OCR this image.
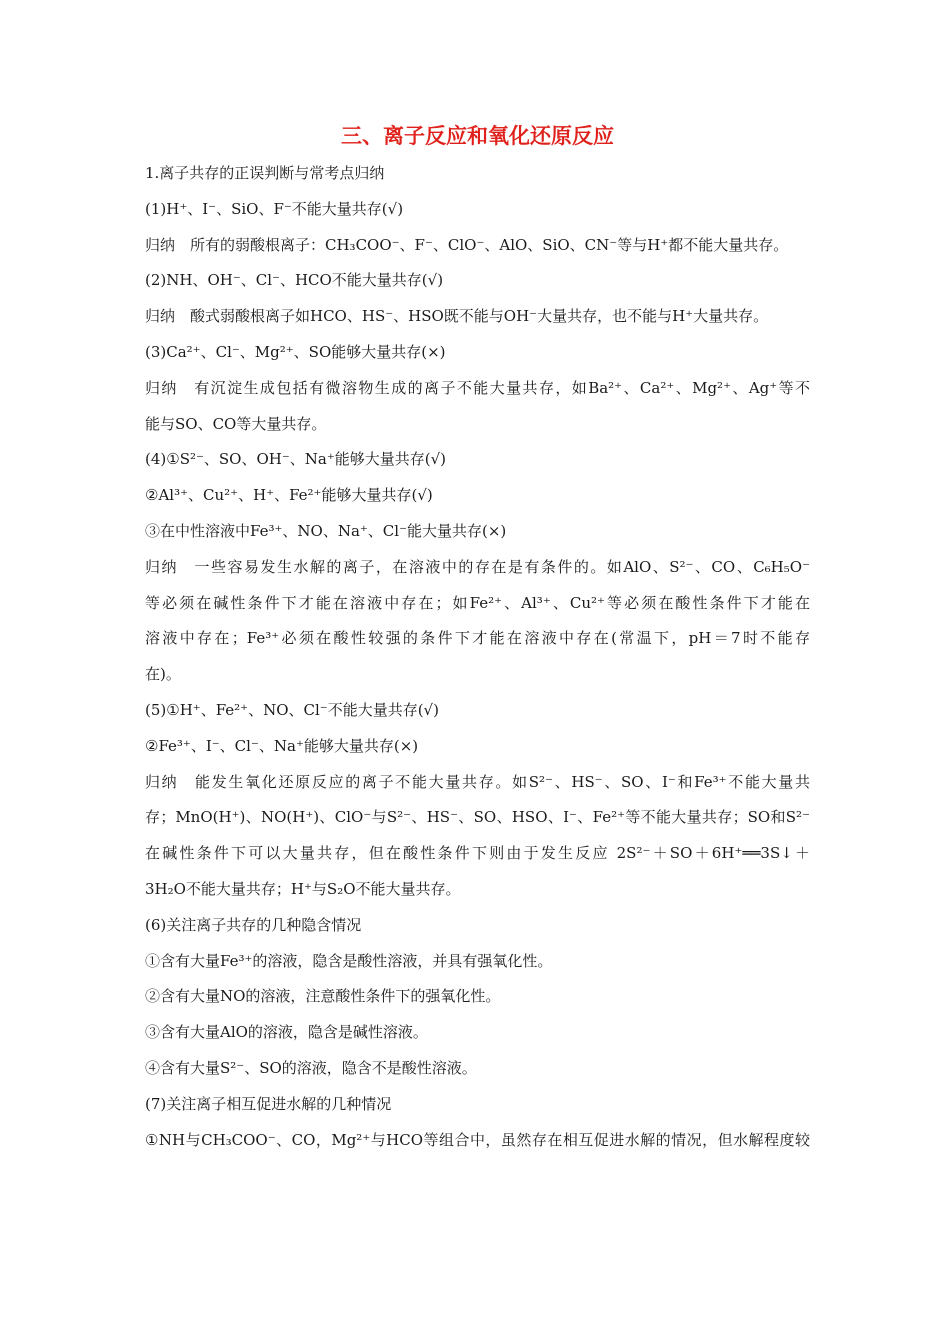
三、离子反应和氧化还原反应
1.离子共存的正误判断与常考点归纳
(1)H⁺、I⁻、SiO、F⁻不能大量共存(√)
归纳　所有的弱酸根离子：CH₃COO⁻、F⁻、ClO⁻、AlO、SiO、CN⁻等与H⁺都不能大量共存。
(2)NH、OH⁻、Cl⁻、HCO不能大量共存(√)
归纳　酸式弱酸根离子如HCO、HS⁻、HSO既不能与OH⁻大量共存，也不能与H⁺大量共存。
(3)Ca²⁺、Cl⁻、Mg²⁺、SO能够大量共存(×)
归纳　有沉淀生成包括有微溶物生成的离子不能大量共存，如Ba²⁺、Ca²⁺、Mg²⁺、Ag⁺等不
能与SO、CO等大量共存。
(4)①S²⁻、SO、OH⁻、Na⁺能够大量共存(√)
②Al³⁺、Cu²⁺、H⁺、Fe²⁺能够大量共存(√)
③在中性溶液中Fe³⁺、NO、Na⁺、Cl⁻能大量共存(×)
归纳　一些容易发生水解的离子，在溶液中的存在是有条件的。如AlO、S²⁻、CO、C₆H₅O⁻
等必须在碱性条件下才能在溶液中存在；如Fe²⁺、Al³⁺、Cu²⁺等必须在酸性条件下才能在
溶液中存在；Fe³⁺必须在酸性较强的条件下才能在溶液中存在(常温下，pH＝7时不能存
在)。
(5)①H⁺、Fe²⁺、NO、Cl⁻不能大量共存(√)
②Fe³⁺、I⁻、Cl⁻、Na⁺能够大量共存(×)
归纳　能发生氧化还原反应的离子不能大量共存。如S²⁻、HS⁻、SO、I⁻和Fe³⁺不能大量共
存；MnO(H⁺)、NO(H⁺)、ClO⁻与S²⁻、HS⁻、SO、HSO、I⁻、Fe²⁺等不能大量共存；SO和S²⁻
在碱性条件下可以大量共存，但在酸性条件下则由于发生反应 2S²⁻＋SO＋6H⁺══3S↓＋
3H₂O不能大量共存；H⁺与S₂O不能大量共存。
(6)关注离子共存的几种隐含情况
①含有大量Fe³⁺的溶液，隐含是酸性溶液，并具有强氧化性。
②含有大量NO的溶液，注意酸性条件下的强氧化性。
③含有大量AlO的溶液，隐含是碱性溶液。
④含有大量S²⁻、SO的溶液，隐含不是酸性溶液。
(7)关注离子相互促进水解的几种情况
①NH与CH₃COO⁻、CO，Mg²⁺与HCO等组合中，虽然存在相互促进水解的情况，但水解程度较
